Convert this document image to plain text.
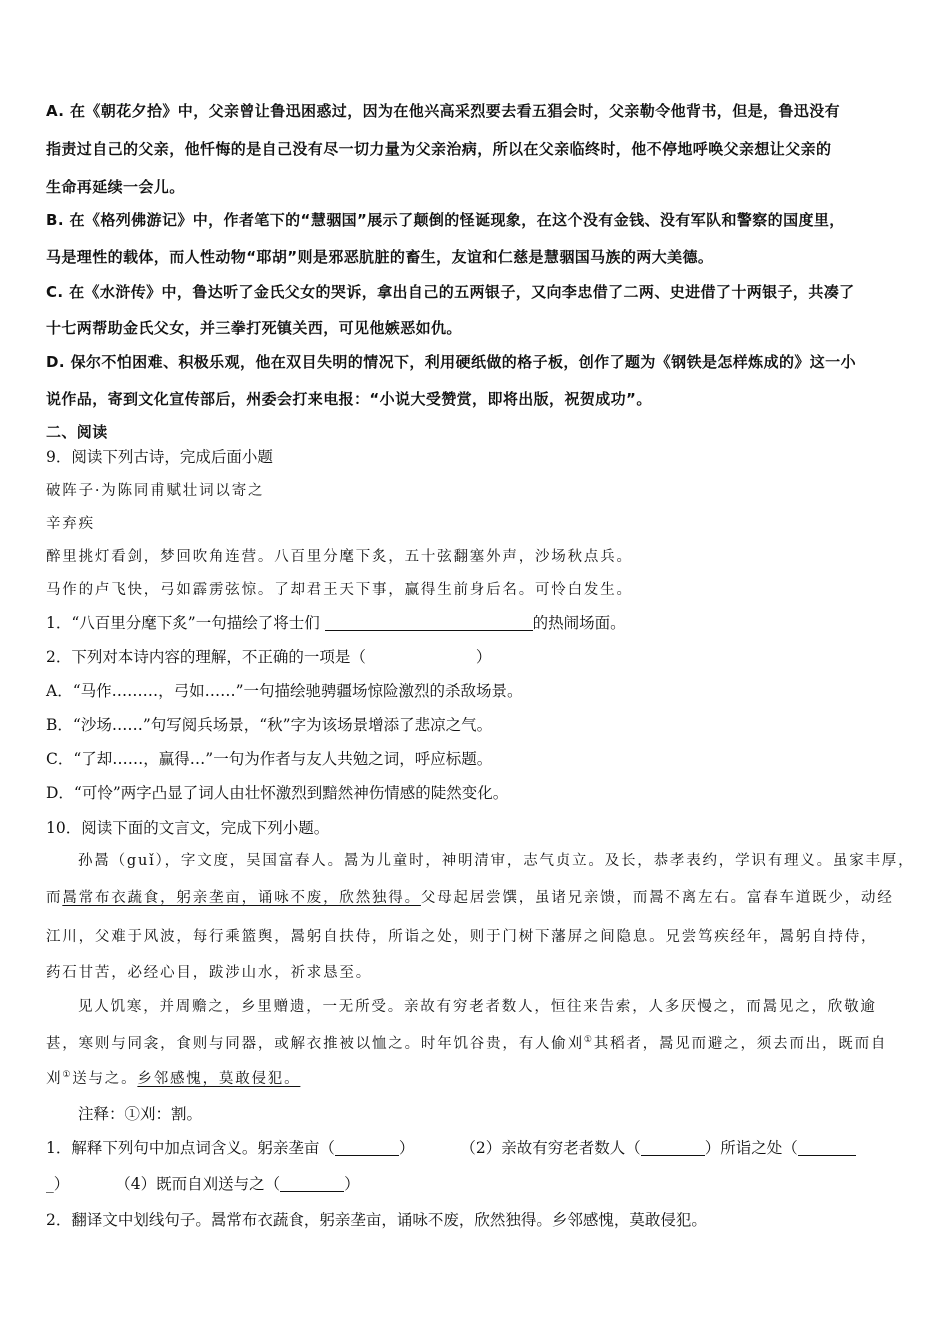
A. 在《朝花夕拾》中，父亲曾让鲁迅困惑过，因为在他兴高采烈要去看五猖会时，父亲勒令他背书，但是，鲁迅没有
指责过自己的父亲，他忏悔的是自己没有尽一切力量为父亲治病，所以在父亲临终时，他不停地呼唤父亲想让父亲的
生命再延续一会儿。
B. 在《格列佛游记》中，作者笔下的“慧骃国”展示了颠倒的怪诞现象，在这个没有金钱、没有军队和警察的国度里，
马是理性的载体，而人性动物“耶胡”则是邪恶肮脏的畜生，友谊和仁慈是慧骃国马族的两大美德。
C. 在《水浒传》中，鲁达听了金氏父女的哭诉，拿出自己的五两银子，又向李忠借了二两、史进借了十两银子，共凑了
十七两帮助金氏父女，并三拳打死镇关西，可见他嫉恶如仇。
D. 保尔不怕困难、积极乐观，他在双目失明的情况下，利用硬纸做的格子板，创作了题为《钢铁是怎样炼成的》这一小
说作品，寄到文化宣传部后，州委会打来电报：“小说大受赞赏，即将出版，祝贺成功”。
二、阅读
9．阅读下列古诗，完成后面小题
破阵子·为陈同甫赋壮词以寄之
辛弃疾
醉里挑灯看剑，梦回吹角连营。八百里分麾下炙，五十弦翻塞外声，沙场秋点兵。
马作的卢飞快，弓如霹雳弦惊。了却君王天下事，赢得生前身后名。可怜白发生。
1．“八百里分麾下炙”一句描绘了将士们	的热闹场面。
2．下列对本诗内容的理解，不正确的一项是（	）
A．“马作………，弓如……”一句描绘驰骋疆场惊险激烈的杀敌场景。
B．“沙场……”句写阅兵场景，“秋”字为该场景增添了悲凉之气。
C．“了却……，赢得…”一句为作者与友人共勉之词，呼应标题。
D．“可怜”两字凸显了词人由壮怀激烈到黯然神伤情感的陡然变化。
10．阅读下面的文言文，完成下列小题。
孙暠（guǐ），字文度，吴国富春人。暠为儿童时，神明清审，志气贞立。及长，恭孝表约，学识有理义。虽家丰厚，
而暠常布衣蔬食，躬亲垄亩，诵咏不废，欣然独得。父母起居尝馔，虽诸兄亲馈，而暠不离左右。富春车道既少，动经
江川，父难于风波，每行乘篮舆，暠躬自扶侍，所诣之处，则于门树下藩屏之间隐息。兄尝笃疾经年，暠躬自持侍，
药石甘苦，必经心目，跋涉山水，祈求恳至。
见人饥寒，并周赡之，乡里赠遗，一无所受。亲故有穷老者数人，恒往来告索，人多厌慢之，而暠见之，欣敬逾
甚，寒则与同衾，食则与同器，或解衣推被以恤之。时年饥谷贵，有人偷刈①其稻者，暠见而避之，须去而出，既而自
刈①送与之。乡邻感愧，莫敢侵犯。
注释：①刈：割。
1．解释下列句中加点词含义。躬亲垄亩（	）	（2）亲故有穷老者数人（	）所诣之处（
_）	（4）既而自刈送与之（	）
2．翻译文中划线句子。暠常布衣蔬食，躬亲垄亩，诵咏不废，欣然独得。乡邻感愧，莫敢侵犯。
